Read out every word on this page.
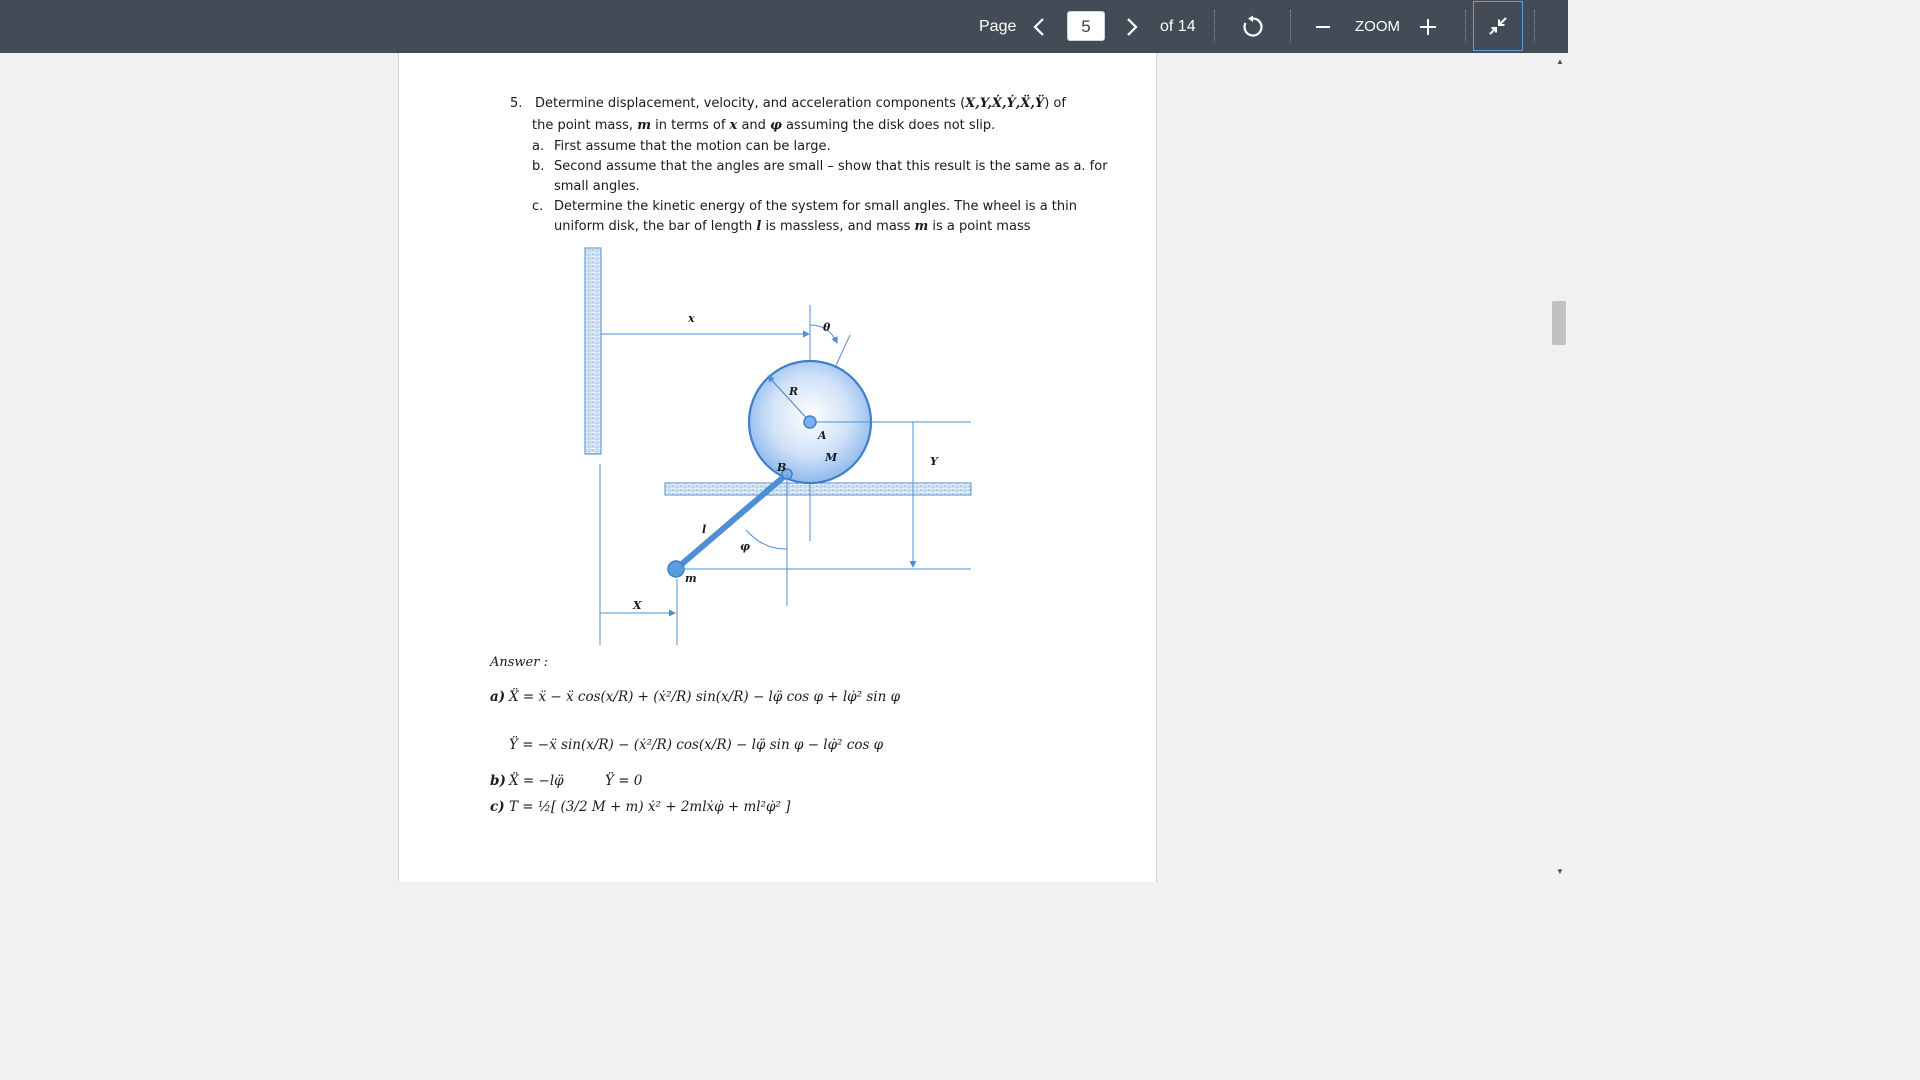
Page	5	of 14	ZOOM
5. Determine displacement, velocity, and acceleration components (X,Y,Ẋ,Ẏ,Ẍ,Ÿ) of
the point mass, m in terms of x and φ assuming the disk does not slip.
a. First assume that the motion can be large.
b. Second assume that the angles are small – show that this result is the same as a. for
small angles.
c. Determine the kinetic energy of the system for small angles. The wheel is a thin
uniform disk, the bar of length l is massless, and mass m is a point mass
x
θ
R
A
M
B	Y
l
φ
m
X
Answer :
a) Ẍ = ẍ − ẍ cos(x/R) + (ẋ²/R) sin(x/R) − lφ̈ cos φ + lφ̇² sin φ
Ÿ = −ẍ sin(x/R) − (ẋ²/R) cos(x/R) − lφ̈ sin φ − lφ̇² cos φ
b) Ẍ = −lφ̈	Ÿ = 0
c) T = ½[ (3/2 M + m) ẋ² + 2mlẋφ̇ + ml²φ̇² ]
▲
▼
